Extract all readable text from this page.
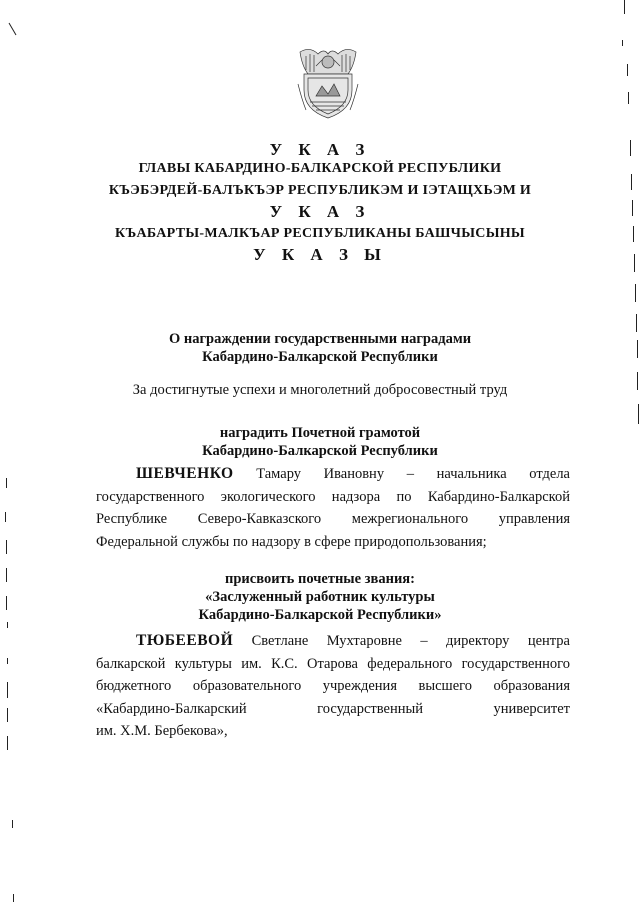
У К А З
ГЛАВЫ КАБАРДИНО-БАЛКАРСКОЙ РЕСПУБЛИКИ
КЪЭБЭРДЕЙ-БАЛЪКЪЭР РЕСПУБЛИКЭМ И ІЭТАЩХЬЭМ И
У К А З
КЪАБАРТЫ-МАЛКЪАР РЕСПУБЛИКАНЫ БАШЧЫСЫНЫ
У К А З Ы
О награждении государственными наградами
Кабардино-Балкарской Республики
За достигнутые успехи и многолетний добросовестный труд
наградить Почетной грамотой
Кабардино-Балкарской Республики
ШЕВЧЕНКО Тамару Ивановну – начальника отдела
государственного экологического надзора по Кабардино-Балкарской
Республике Северо-Кавказского межрегионального управления
Федеральной службы по надзору в сфере природопользования;
присвоить почетные звания:
«Заслуженный работник культуры
Кабардино-Балкарской Республики»
ТЮБЕЕВОЙ Светлане Мухтаровне – директору центра
балкарской культуры им. К.С. Отарова федерального государственного
бюджетного образовательного учреждения высшего образования
«Кабардино-Балкарский государственный университет
им. Х.М. Бербекова»,
